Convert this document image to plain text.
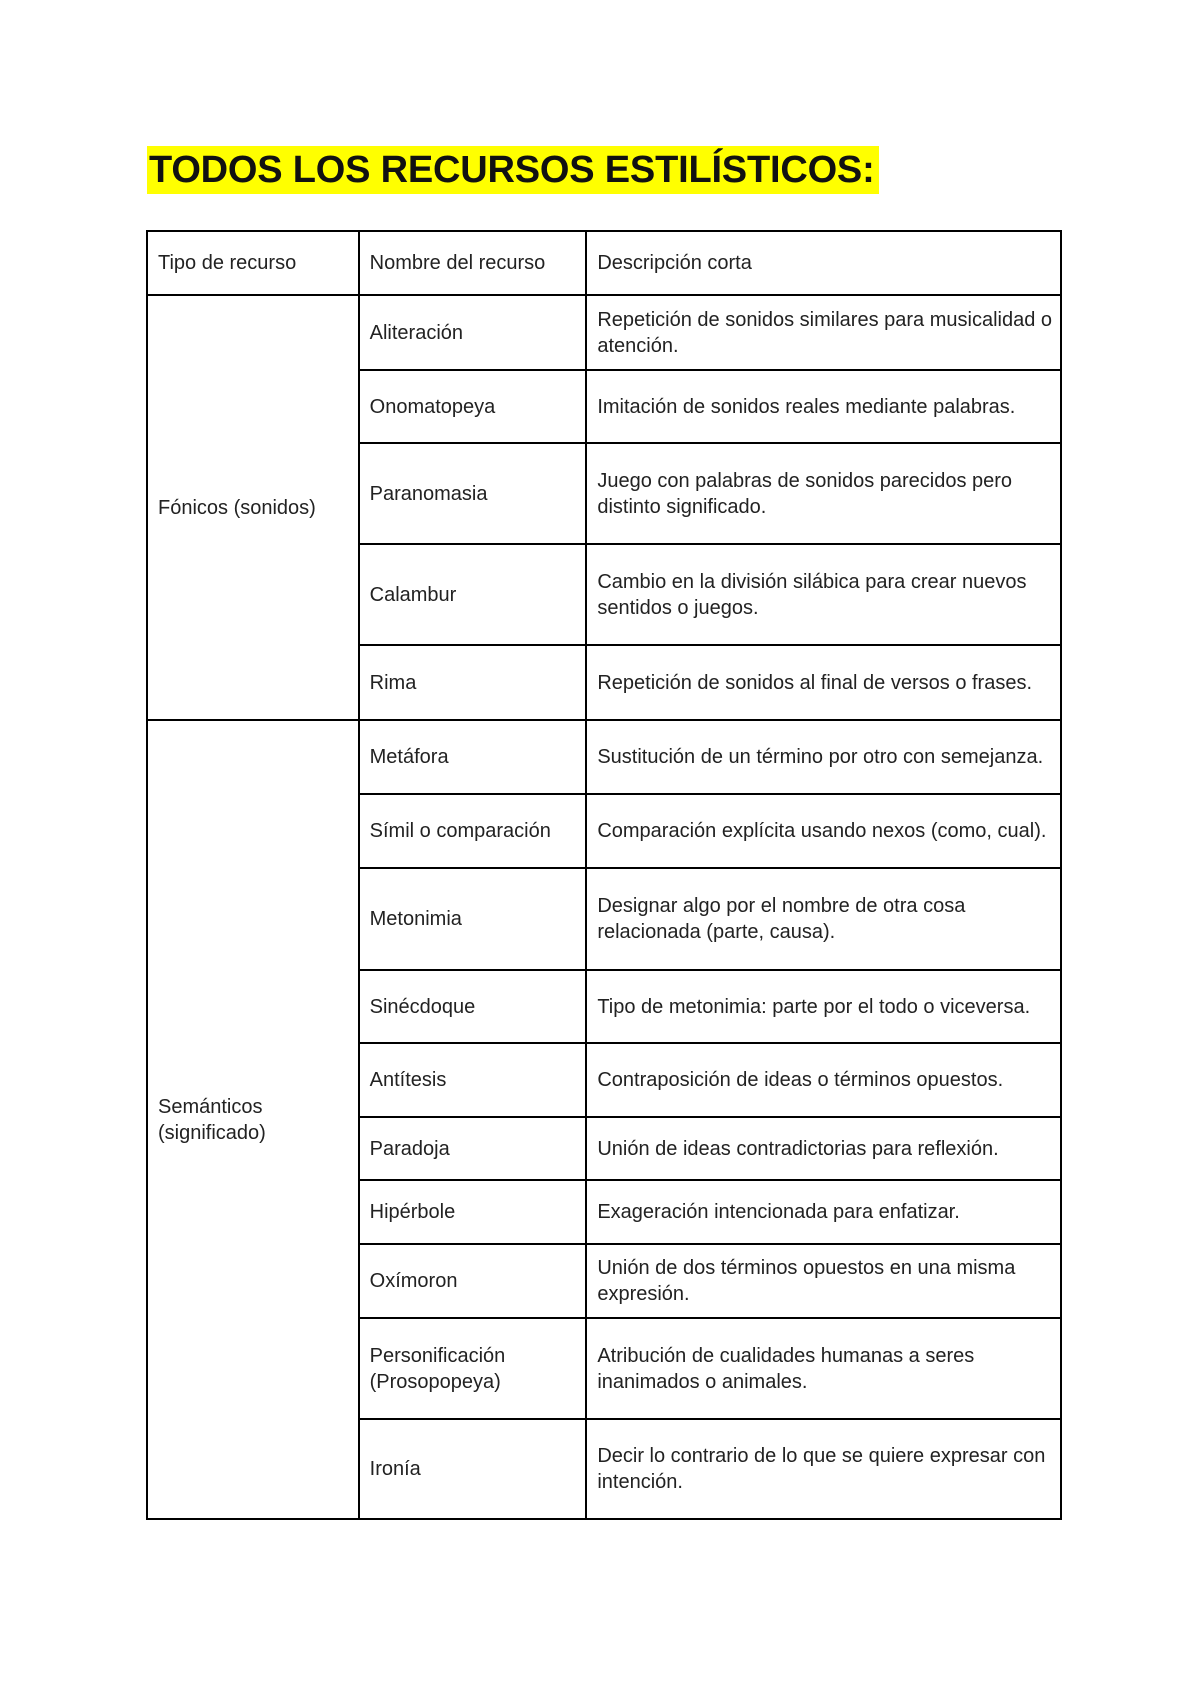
TODOS LOS RECURSOS ESTILÍSTICOS:
Tipo de recurso	Nombre del recurso	Descripción corta
Fónicos (sonidos)	Aliteración	Repetición de sonidos similares para musicalidad o atención.
	Onomatopeya	Imitación de sonidos reales mediante palabras.
	Paranomasia	Juego con palabras de sonidos parecidos pero distinto significado.
	Calambur	Cambio en la división silábica para crear nuevos sentidos o juegos.
	Rima	Repetición de sonidos al final de versos o frases.
Semánticos (significado)	Metáfora	Sustitución de un término por otro con semejanza.
	Símil o comparación	Comparación explícita usando nexos (como, cual).
	Metonimia	Designar algo por el nombre de otra cosa relacionada (parte, causa).
	Sinécdoque	Tipo de metonimia: parte por el todo o viceversa.
	Antítesis	Contraposición de ideas o términos opuestos.
	Paradoja	Unión de ideas contradictorias para reflexión.
	Hipérbole	Exageración intencionada para enfatizar.
	Oxímoron	Unión de dos términos opuestos en una misma expresión.
	Personificación (Prosopopeya)	Atribución de cualidades humanas a seres inanimados o animales.
	Ironía	Decir lo contrario de lo que se quiere expresar con intención.
